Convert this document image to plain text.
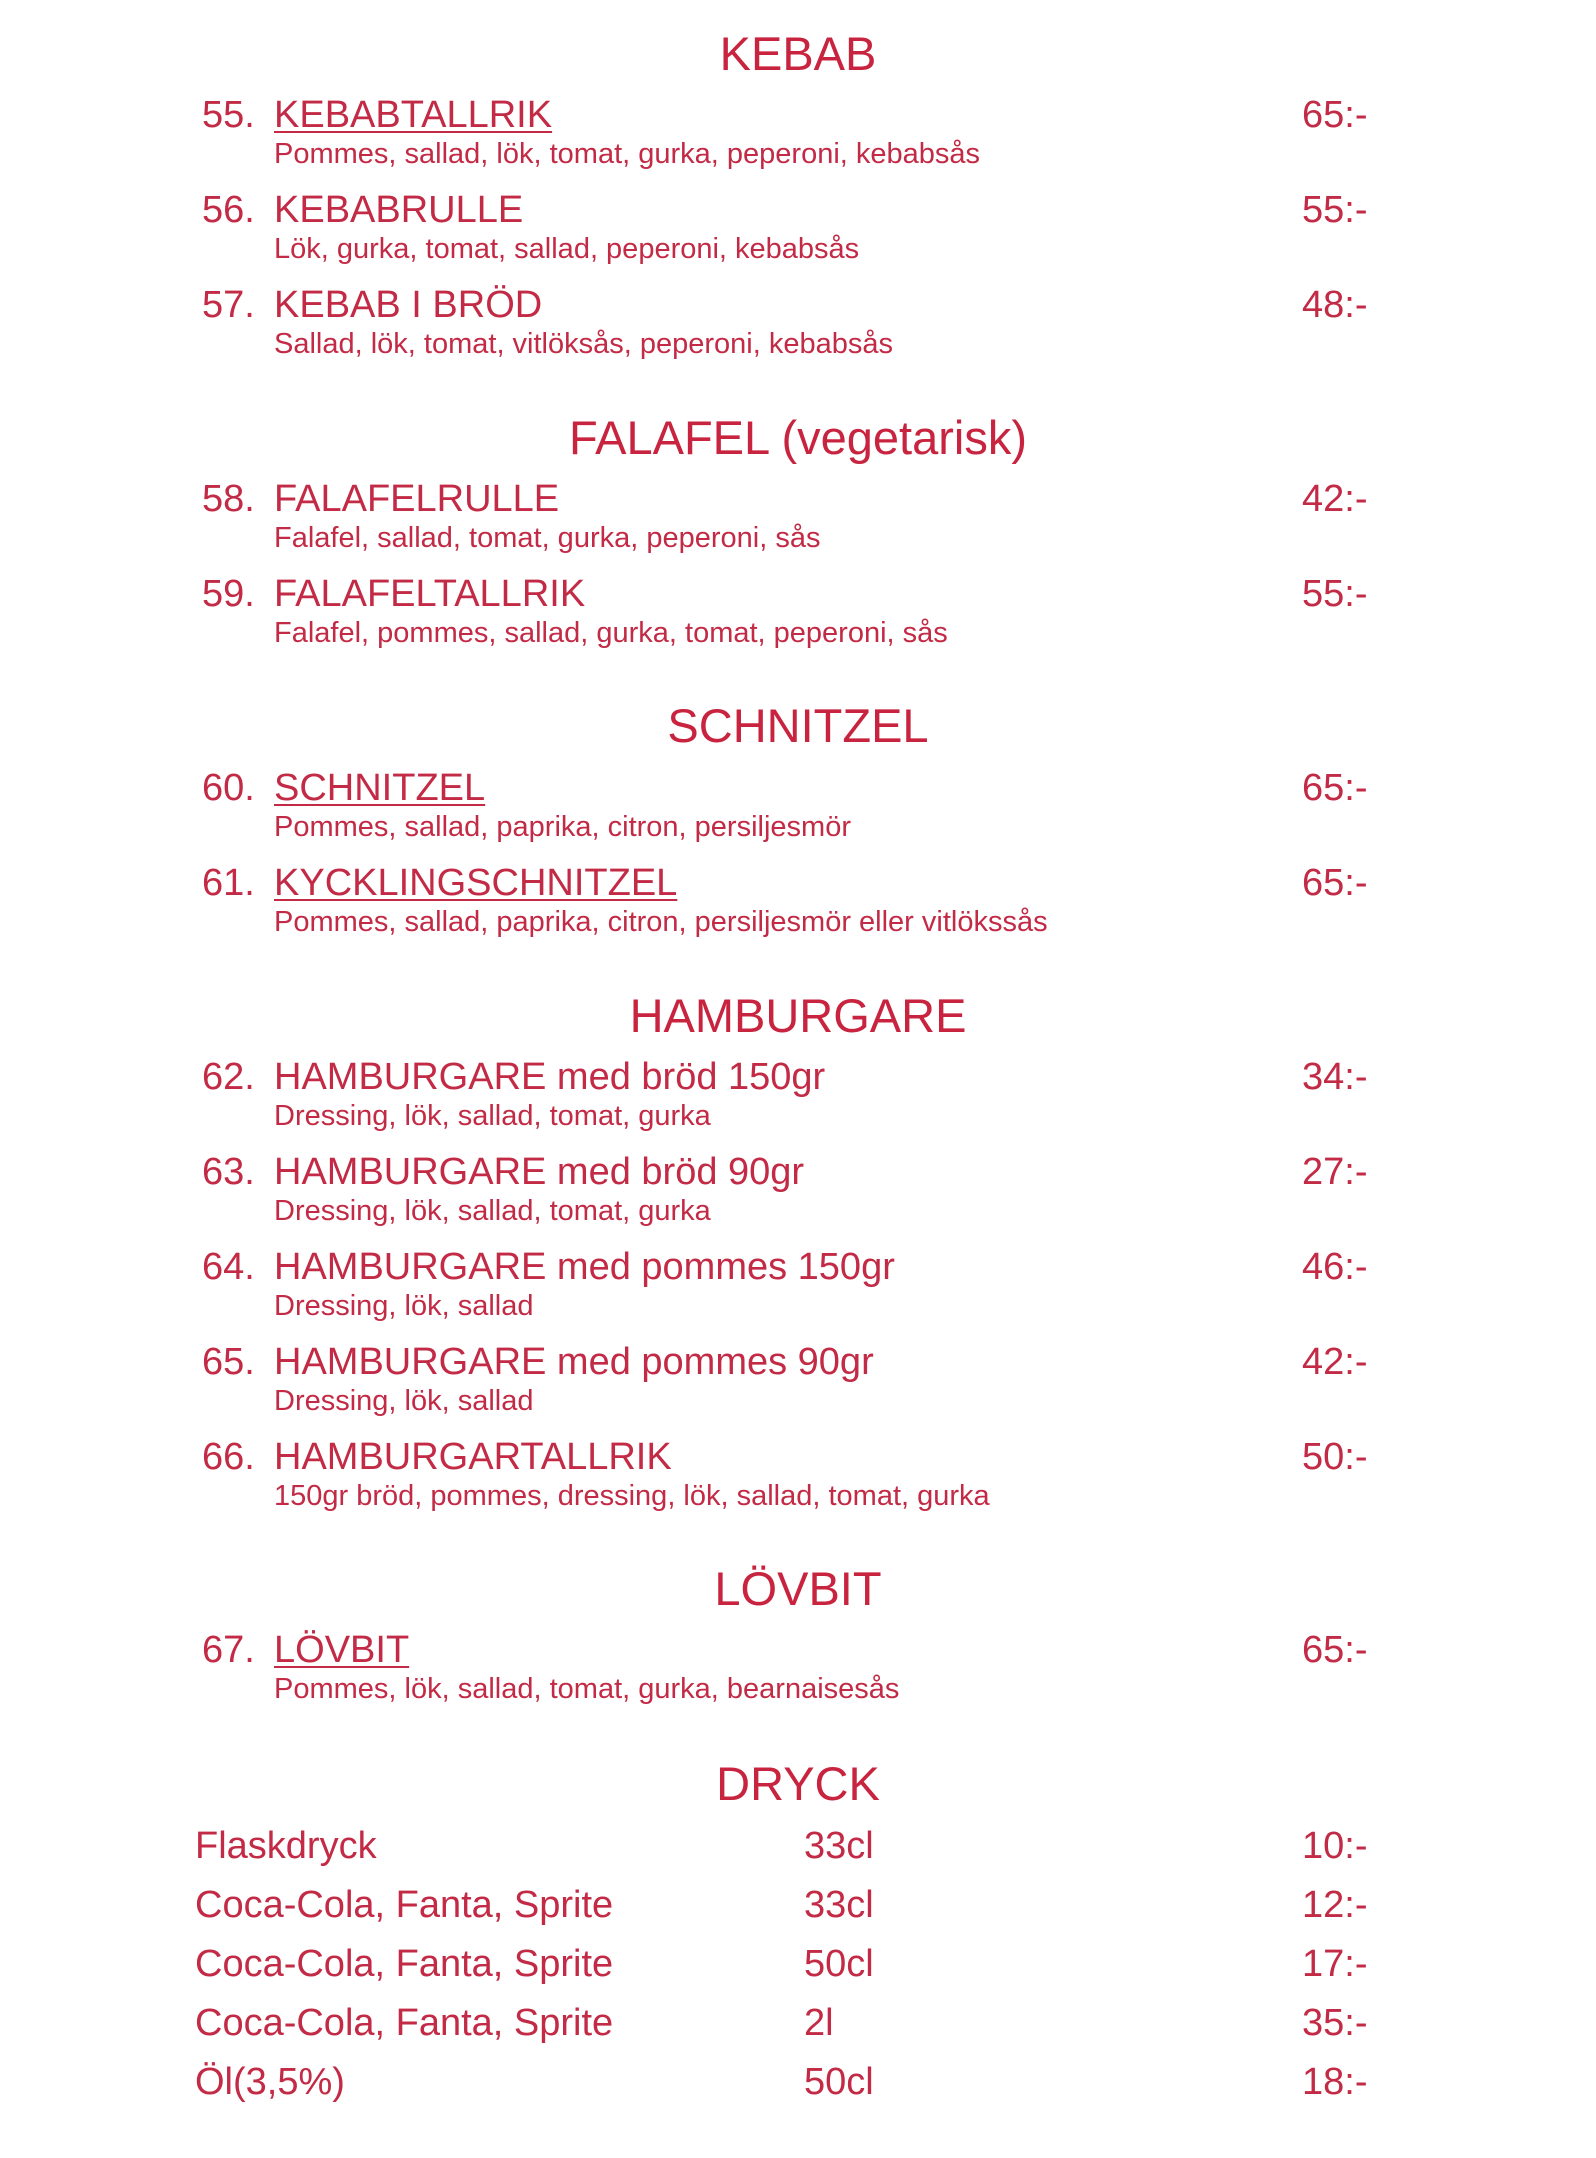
KEBAB
55. KEBABTALLRIK	65:-
Pommes, sallad, lök, tomat, gurka, peperoni, kebabsås
56. KEBABRULLE	55:-
Lök, gurka, tomat, sallad, peperoni, kebabsås
57. KEBAB I BRÖD	48:-
Sallad, lök, tomat, vitlöksås, peperoni, kebabsås
FALAFEL (vegetarisk)
58. FALAFELRULLE	42:-
Falafel, sallad, tomat, gurka, peperoni, sås
59. FALAFELTALLRIK	55:-
Falafel, pommes, sallad, gurka, tomat, peperoni, sås
SCHNITZEL
60. SCHNITZEL	65:-
Pommes, sallad, paprika, citron, persiljesmör
61. KYCKLINGSCHNITZEL	65:-
Pommes, sallad, paprika, citron, persiljesmör eller vitlökssås
HAMBURGARE
62. HAMBURGARE med bröd 150gr	34:-
Dressing, lök, sallad, tomat, gurka
63. HAMBURGARE med bröd 90gr	27:-
Dressing, lök, sallad, tomat, gurka
64. HAMBURGARE med pommes 150gr	46:-
Dressing, lök, sallad
65. HAMBURGARE med pommes 90gr	42:-
Dressing, lök, sallad
66. HAMBURGARTALLRIK	50:-
150gr bröd, pommes, dressing, lök, sallad, tomat, gurka
LÖVBIT
67. LÖVBIT	65:-
Pommes, lök, sallad, tomat, gurka, bearnaisesås
DRYCK
Flaskdryck	33cl	10:-
Coca-Cola, Fanta, Sprite	33cl	12:-
Coca-Cola, Fanta, Sprite	50cl	17:-
Coca-Cola, Fanta, Sprite	2l	35:-
Öl(3,5%)	50cl	18:-
